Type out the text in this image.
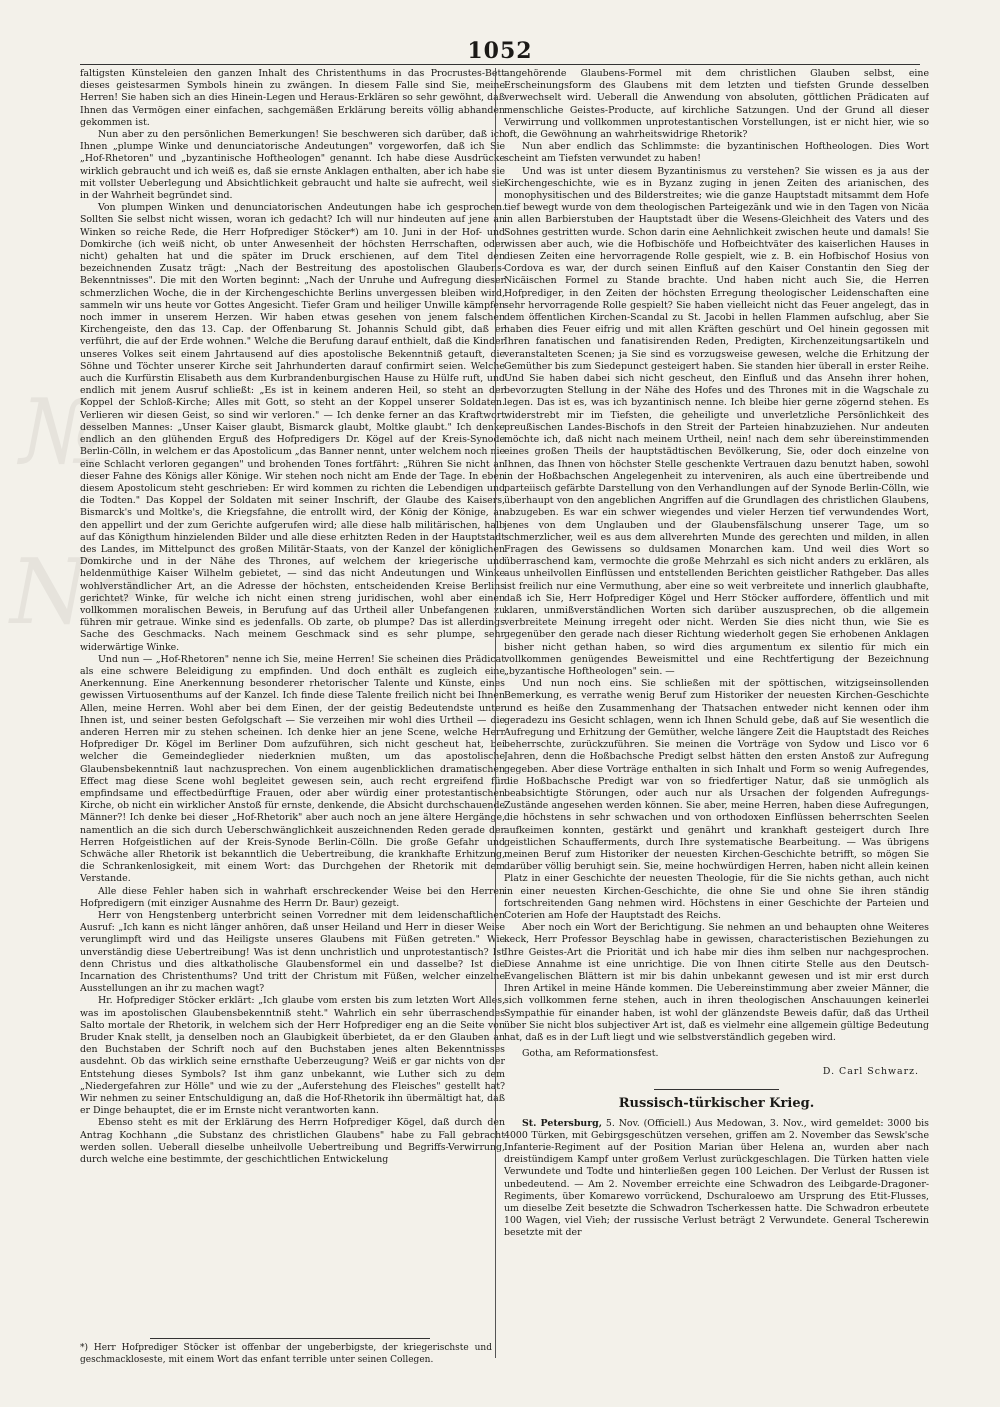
№
Ne
1052

faltigsten Künsteleien den ganzen Inhalt des Christenthums in das Procrustes-Bett dieses geistesarmen Symbols hinein zu zwängen. In diesem Falle sind Sie, meine Herren! Sie haben sich an dies Hinein-Legen und Heraus-Erklären so sehr gewöhnt, daß Ihnen das Vermögen einer einfachen, sachgemäßen Erklärung bereits völlig abhanden gekommen ist.

Nun aber zu den persönlichen Bemerkungen! Sie beschweren sich darüber, daß ich Ihnen „plumpe Winke und denunciatorische Andeutungen" vorgeworfen, daß ich Sie „Hof-Rhetoren" und „byzantinische Hoftheologen" genannt. Ich habe diese Ausdrücke wirklich gebraucht und ich weiß es, daß sie ernste Anklagen enthalten, aber ich habe sie mit vollster Ueberlegung und Absichtlichkeit gebraucht und halte sie aufrecht, weil sie in der Wahrheit begründet sind.

Von plumpen Winken und denunciatorischen Andeutungen habe ich gesprochen. Sollten Sie selbst nicht wissen, woran ich gedacht? Ich will nur hindeuten auf jene an Winken so reiche Rede, die Herr Hofprediger Stöcker*) am 10. Juni in der Hof- und Domkirche (ich weiß nicht, ob unter Anwesenheit der höchsten Herrschaften, oder nicht) gehalten hat und die später im Druck erschienen, auf dem Titel den bezeichnenden Zusatz trägt: „Nach der Bestreitung des apostolischen Glaubens-Bekenntnisses". Die mit den Worten beginnt: „Nach der Unruhe und Aufregung dieser schmerzlichen Woche, die in der Kirchengeschichte Berlins unvergessen bleiben wird, sammeln wir uns heute vor Gottes Angesicht. Tiefer Gram und heiliger Unwille kämpfen noch immer in unserem Herzen. Wir haben etwas gesehen von jenem falschen Kirchengeiste, den das 13. Cap. der Offenbarung St. Johannis Schuld gibt, daß er verführt, die auf der Erde wohnen." Welche die Berufung darauf enthielt, daß die Kinder unseres Volkes seit einem Jahrtausend auf dies apostolische Bekenntniß getauft, die Söhne und Töchter unserer Kirche seit Jahrhunderten darauf confirmirt seien. Welche auch die Kurfürstin Elisabeth aus dem Kurbrandenburgischen Hause zu Hülfe ruft, und endlich mit jenem Ausruf schließt: „Es ist in keinem anderen Heil, so steht an der Koppel der Schloß-Kirche; Alles mit Gott, so steht an der Koppel unserer Soldaten. Verlieren wir diesen Geist, so sind wir verloren." — Ich denke ferner an das Kraftwort desselben Mannes: „Unser Kaiser glaubt, Bismarck glaubt, Moltke glaubt." Ich denke endlich an den glühenden Erguß des Hofpredigers Dr. Kögel auf der Kreis-Synode Berlin-Cölln, in welchem er das Apostolicum „das Banner nennt, unter welchem noch nie eine Schlacht verloren gegangen" und brohenden Tones fortfährt: „Rühren Sie nicht an dieser Fahne des Königs aller Könige. Wir stehen noch nicht am Ende der Tage. In eben diesem Apostolicum steht geschrieben: Er wird kommen zu richten die Lebendigen und die Todten." Das Koppel der Soldaten mit seiner Inschrift, der Glaube des Kaisers, Bismarck's und Moltke's, die Kriegsfahne, die entrollt wird, der König der Könige, an den appellirt und der zum Gerichte aufgerufen wird; alle diese halb militärischen, halb auf das Königthum hinzielenden Bilder und alle diese erhitzten Reden in der Hauptstadt des Landes, im Mittelpunct des großen Militär-Staats, von der Kanzel der königlichen Domkirche und in der Nähe des Thrones, auf welchem der kriegerische und heldenmüthige Kaiser Wilhelm gebietet, — sind das nicht Andeutungen und Winke wohlverständlicher Art, an die Adresse der höchsten, entscheidenden Kreise Berlins gerichtet? Winke, für welche ich nicht einen streng juridischen, wohl aber einen vollkommen moralischen Beweis, in Berufung auf das Urtheil aller Unbefangenen zu führen mir getraue. Winke sind es jedenfalls. Ob zarte, ob plumpe? Das ist allerdings Sache des Geschmacks. Nach meinem Geschmack sind es sehr plumpe, sehr widerwärtige Winke.

Und nun — „Hof-Rhetoren" nenne ich Sie, meine Herren! Sie scheinen dies Prädicat als eine schwere Beleidigung zu empfinden. Und doch enthält es zugleich eine Anerkennung. Eine Anerkennung besonderer rhetorischer Talente und Künste, eines gewissen Virtuosenthums auf der Kanzel. Ich finde diese Talente freilich nicht bei Ihnen Allen, meine Herren. Wohl aber bei dem Einen, der der geistig Bedeutendste unter Ihnen ist, und seiner besten Gefolgschaft — Sie verzeihen mir wohl dies Urtheil — die anderen Herren mir zu stehen scheinen. Ich denke hier an jene Scene, welche Herr Hofprediger Dr. Kögel im Berliner Dom aufzuführen, sich nicht gescheut hat, bei welcher die Gemeindeglieder niederknien mußten, um das apostolische Glaubensbekenntniß laut nachzusprechen. Von einem augenblicklichen dramatischen Effect mag diese Scene wohl begleitet gewesen sein, auch recht ergreifend für empfindsame und effectbedürftige Frauen, oder aber würdig einer protestantischen Kirche, ob nicht ein wirklicher Anstoß für ernste, denkende, die Absicht durchschauende Männer?! Ich denke bei dieser „Hof-Rhetorik" aber auch noch an jene ältere Hergänge, namentlich an die sich durch Ueberschwänglichkeit auszeichnenden Reden gerade der Herren Hofgeistlichen auf der Kreis-Synode Berlin-Cölln. Die große Gefahr und Schwäche aller Rhetorik ist bekanntlich die Uebertreibung, die krankhafte Erhitzung, die Schrankenlosigkeit, mit einem Wort: das Durchgehen der Rhetorik mit dem Verstande.

Alle diese Fehler haben sich in wahrhaft erschreckender Weise bei den Herren Hofpredigern (mit einziger Ausnahme des Herrn Dr. Baur) gezeigt.

Herr von Hengstenberg unterbricht seinen Vorredner mit dem leidenschaftlichen Ausruf: „Ich kann es nicht länger anhören, daß unser Heiland und Herr in dieser Weise verunglimpft wird und das Heiligste unseres Glaubens mit Füßen getreten." Wie unverständig diese Uebertreibung! Was ist denn unchristlich und unprotestantisch? Ist denn Christus und dies altkatholische Glaubensformel ein und dasselbe? Ist die Incarnation des Christenthums? Und tritt der Christum mit Füßen, welcher einzelne Ausstellungen an ihr zu machen wagt?

Hr. Hofprediger Stöcker erklärt: „Ich glaube vom ersten bis zum letzten Wort Alles, was im apostolischen Glaubensbekenntniß steht." Wahrlich ein sehr überraschendes Salto mortale der Rhetorik, in welchem sich der Herr Hofprediger eng an die Seite von Bruder Knak stellt, ja denselben noch an Glaubigkeit überbietet, da er den Glauben an den Buchstaben der Schrift noch auf den Buchstaben jenes alten Bekenntnisses ausdehnt. Ob das wirklich seine ernsthafte Ueberzeugung? Weiß er gar nichts von der Entstehung dieses Symbols? Ist ihm ganz unbekannt, wie Luther sich zu dem „Niedergefahren zur Hölle" und wie zu der „Auferstehung des Fleisches" gestellt hat? Wir nehmen zu seiner Entschuldigung an, daß die Hof-Rhetorik ihn übermältigt hat, daß er Dinge behauptet, die er im Ernste nicht verantworten kann.

Ebenso steht es mit der Erklärung des Herrn Hofprediger Kögel, daß durch den Antrag Kochhann „die Substanz des christlichen Glaubens" habe zu Fall gebracht werden sollen. Ueberall dieselbe unheilvolle Uebertreibung und Begriffs-Verwirrung, durch welche eine bestimmte, der geschichtlichen Entwickelung

*) Herr Hofprediger Stöcker ist offenbar der ungeberbigste, der kriegerischste und geschmackloseste, mit einem Wort das enfant terrible unter seinen Collegen.

angehörende Glaubens-Formel mit dem christlichen Glauben selbst, eine Erscheinungsform des Glaubens mit dem letzten und tiefsten Grunde desselben verwechselt wird. Ueberall die Anwendung von absoluten, göttlichen Prädicaten auf menschliche Geistes-Producte, auf kirchliche Satzungen. Und der Grund all dieser Verwirrung und vollkommen unprotestantischen Vorstellungen, ist er nicht hier, wie so oft, die Gewöhnung an wahrheitswidrige Rhetorik?

Nun aber endlich das Schlimmste: die byzantinischen Hoftheologen. Dies Wort scheint am Tiefsten verwundet zu haben!

Und was ist unter diesem Byzantinismus zu verstehen? Sie wissen es ja aus der Kirchengeschichte, wie es in Byzanz zuging in jenen Zeiten des arianischen, des monophysitischen und des Bilderstreites; wie die ganze Hauptstadt mitsammt dem Hofe tief bewegt wurde von dem theologischen Parteigezänk und wie in den Tagen von Nicäa in allen Barbierstuben der Hauptstadt über die Wesens-Gleichheit des Vaters und des Sohnes gestritten wurde. Schon darin eine Aehnlichkeit zwischen heute und damals! Sie wissen aber auch, wie die Hofbischöfe und Hofbeichtväter des kaiserlichen Hauses in diesen Zeiten eine hervorragende Rolle gespielt, wie z. B. ein Hofbischof Hosius von Cordova es war, der durch seinen Einfluß auf den Kaiser Constantin den Sieg der Nicäischen Formel zu Stande brachte. Und haben nicht auch Sie, die Herren Hofprediger, in den Zeiten der höchsten Erregung theologischer Leidenschaften eine sehr hervorragende Rolle gespielt? Sie haben vielleicht nicht das Feuer angelegt, das in dem öffentlichen Kirchen-Scandal zu St. Jacobi in hellen Flammen aufschlug, aber Sie haben dies Feuer eifrig und mit allen Kräften geschürt und Oel hinein gegossen mit Ihren fanatischen und fanatisirenden Reden, Predigten, Kirchenzeitungsartikeln und veranstalteten Scenen; ja Sie sind es vorzugsweise gewesen, welche die Erhitzung der Gemüther bis zum Siedepunct gesteigert haben. Sie standen hier überall in erster Reihe. Und Sie haben dabei sich nicht gescheut, den Einfluß und das Ansehn ihrer hohen, bevorzugten Stellung in der Nähe des Hofes und des Thrones mit in die Wagschale zu legen. Das ist es, was ich byzantinisch nenne. Ich bleibe hier gerne zögernd stehen. Es widerstrebt mir im Tiefsten, die geheiligte und unverletzliche Persönlichkeit des preußischen Landes-Bischofs in den Streit der Parteien hinabzuziehen. Nur andeuten möchte ich, daß nicht nach meinem Urtheil, nein! nach dem sehr übereinstimmenden eines großen Theils der hauptstädtischen Bevölkerung, Sie, oder doch einzelne von Ihnen, das Ihnen von höchster Stelle geschenkte Vertrauen dazu benutzt haben, sowohl in der Hoßbachschen Angelegenheit zu interveniren, als auch eine übertreibende und parteiisch gefärbte Darstellung von den Verhandlungen auf der Synode Berlin-Cölln, wie überhaupt von den angeblichen Angriffen auf die Grundlagen des christlichen Glaubens, abzugeben. Es war ein schwer wiegendes und vieler Herzen tief verwundendes Wort, jenes von dem Unglauben und der Glaubensfälschung unserer Tage, um so schmerzlicher, weil es aus dem allverehrten Munde des gerechten und milden, in allen Fragen des Gewissens so duldsamen Monarchen kam. Und weil dies Wort so überraschend kam, vermochte die große Mehrzahl es sich nicht anders zu erklären, als aus unheilvollen Einflüssen und entstellenden Berichten geistlicher Rathgeber. Das alles ist freilich nur eine Vermuthung, aber eine so weit verbreitete und innerlich glaubhafte, daß ich Sie, Herr Hofprediger Kögel und Herr Stöcker auffordere, öffentlich und mit klaren, unmißverständlichen Worten sich darüber auszusprechen, ob die allgemein verbreitete Meinung irregeht oder nicht. Werden Sie dies nicht thun, wie Sie es gegenüber den gerade nach dieser Richtung wiederholt gegen Sie erhobenen Anklagen bisher nicht gethan haben, so wird dies argumentum ex silentio für mich ein vollkommen genügendes Beweismittel und eine Rechtfertigung der Bezeichnung „byzantische Hoftheologen" sein. —

Und nun noch eins. Sie schließen mit der spöttischen, witzigseinsollenden Bemerkung, es verrathe wenig Beruf zum Historiker der neuesten Kirchen-Geschichte und es heiße den Zusammenhang der Thatsachen entweder nicht kennen oder ihm geradezu ins Gesicht schlagen, wenn ich Ihnen Schuld gebe, daß auf Sie wesentlich die Aufregung und Erhitzung der Gemüther, welche längere Zeit die Hauptstadt des Reiches beherrschte, zurückzuführen. Sie meinen die Vorträge von Sydow und Lisco vor 6 Jahren, denn die Hoßbachsche Predigt selbst hätten den ersten Anstoß zur Aufregung gegeben. Aber diese Vorträge enthalten in sich Inhalt und Form so wenig Aufregendes, die Hoßbachsche Predigt war von so friedfertiger Natur, daß sie unmöglich als beabsichtigte Störungen, oder auch nur als Ursachen der folgenden Aufregungs-Zustände angesehen werden können. Sie aber, meine Herren, haben diese Aufregungen, die höchstens in sehr schwachen und von orthodoxen Einflüssen beherrschten Seelen aufkeimen konnten, gestärkt und genährt und krankhaft gesteigert durch Ihre geistlichen Schaufferments, durch Ihre systematische Bearbeitung. — Was übrigens meinen Beruf zum Historiker der neuesten Kirchen-Geschichte betrifft, so mögen Sie darüber völlig beruhigt sein. Sie, meine hochwürdigen Herren, haben nicht allein keinen Platz in einer Geschichte der neuesten Theologie, für die Sie nichts gethan, auch nicht in einer neuesten Kirchen-Geschichte, die ohne Sie und ohne Sie ihren ständig fortschreitenden Gang nehmen wird. Höchstens in einer Geschichte der Parteien und Coterien am Hofe der Hauptstadt des Reichs.

Aber noch ein Wort der Berichtigung. Sie nehmen an und behaupten ohne Weiteres keck, Herr Professor Beyschlag habe in gewissen, characteristischen Beziehungen zu Ihre Geistes-Art die Priorität und ich habe mir dies ihm selben nur nachgesprochen. Diese Annahme ist eine unrichtige. Die von Ihnen citirte Stelle aus den Deutsch-Evangelischen Blättern ist mir bis dahin unbekannt gewesen und ist mir erst durch Ihren Artikel in meine Hände kommen. Die Uebereinstimmung aber zweier Männer, die sich vollkommen ferne stehen, auch in ihren theologischen Anschauungen keinerlei Sympathie für einander haben, ist wohl der glänzendste Beweis dafür, daß das Urtheil über Sie nicht blos subjectiver Art ist, daß es vielmehr eine allgemein gültige Bedeutung hat, daß es in der Luft liegt und wie selbstverständlich gegeben wird.

Gotha, am Reformationsfest.

D. Carl Schwarz.

Russisch-türkischer Krieg.

St. Petersburg, 5. Nov. (Officiell.) Aus Medowan, 3. Nov., wird gemeldet: 3000 bis 4000 Türken, mit Gebirgsgeschützen versehen, griffen am 2. November das Sewsk'sche Infanterie-Regiment auf der Position Marian über Helena an, wurden aber nach dreistündigem Kampf unter großem Verlust zurückgeschlagen. Die Türken hatten viele Verwundete und Todte und hinterließen gegen 100 Leichen. Der Verlust der Russen ist unbedeutend. — Am 2. November erreichte eine Schwadron des Leibgarde-Dragoner-Regiments, über Komarewo vorrückend, Dschuraloewo am Ursprung des Etit-Flusses, um dieselbe Zeit besetzte die Schwadron Tscherkessen hatte. Die Schwadron erbeutete 100 Wagen, viel Vieh; der russische Verlust beträgt 2 Verwundete. General Tscherewin besetzte mit der
